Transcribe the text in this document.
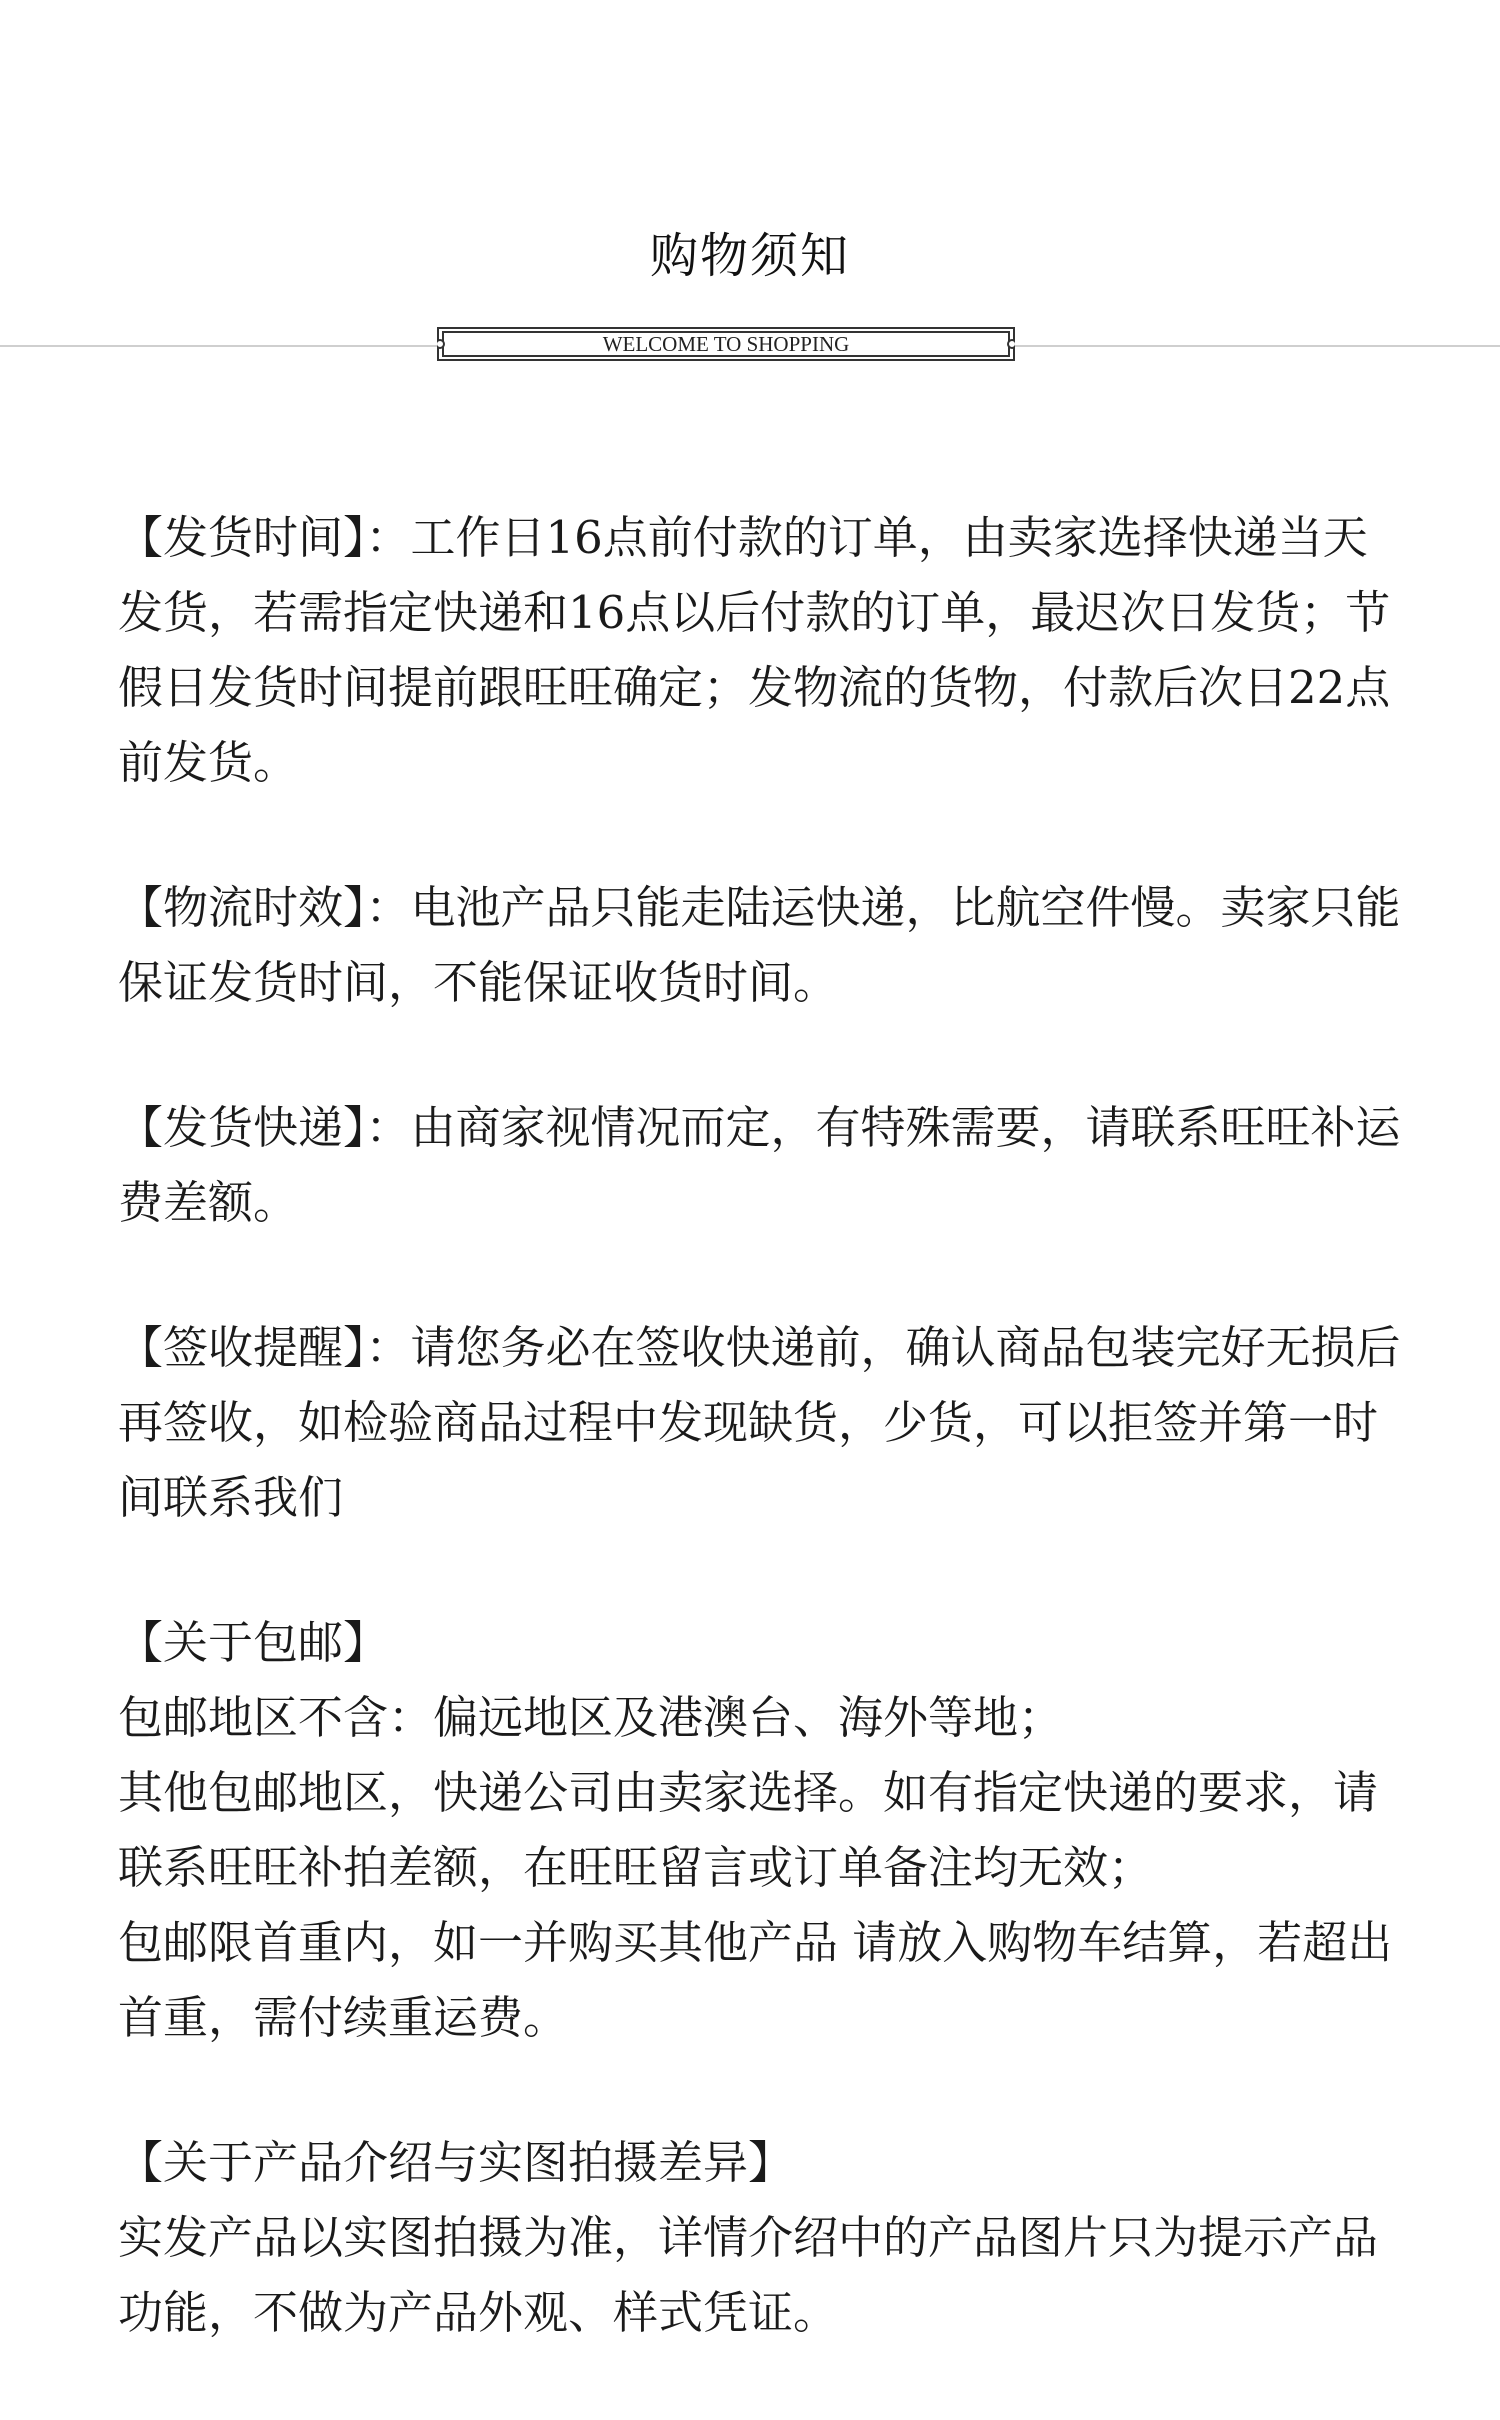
购物须知
WELCOME TO SHOPPING

【发货时间】：工作日16点前付款的订单，由卖家选择快递当天发货，若需指定快递和16点以后付款的订单，最迟次日发货；节假日发货时间提前跟旺旺确定；发物流的货物，付款后次日22点前发货。

【物流时效】：电池产品只能走陆运快递，比航空件慢。卖家只能保证发货时间，不能保证收货时间。

【发货快递】：由商家视情况而定，有特殊需要，请联系旺旺补运费差额。

【签收提醒】：请您务必在签收快递前，确认商品包装完好无损后再签收，如检验商品过程中发现缺货，少货，可以拒签并第一时间联系我们

【关于包邮】
包邮地区不含：偏远地区及港澳台、海外等地；
其他包邮地区，快递公司由卖家选择。如有指定快递的要求，请联系旺旺补拍差额，在旺旺留言或订单备注均无效；
包邮限首重内，如一并购买其他产品 请放入购物车结算，若超出首重，需付续重运费。
【关于产品介绍与实图拍摄差异】
实发产品以实图拍摄为准，详情介绍中的产品图片只为提示产品功能，不做为产品外观、样式凭证。
